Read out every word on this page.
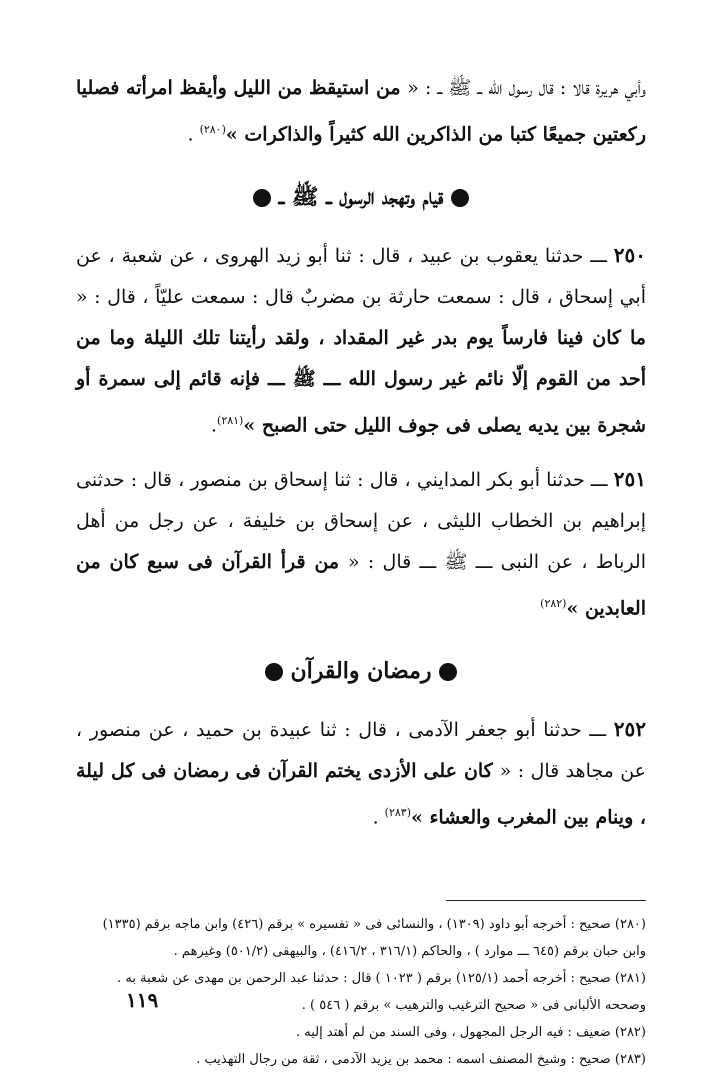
وأبي هريرة قالا : قال رسول الله ــ ﷺ ــ : « من استيقظ من الليل وأيقظ امرأته فصليا ركعتين جميعًا كتبا من الذاكرين الله كثيراً والذاكرات »$^{(٢٨٠)}$ .

قيام وتهجد الرسول ــ ﷺ ــ

٢٥٠ ـــ حدثنا يعقوب بن عبيد ، قال : ثنا أبو زيد الهروى ، عن شعبة ، عن أبي إسحاق ، قال : سمعت حارثة بن مضربٌ قال : سمعت عليّاً ، قال : « ما كان فينا فارساً يوم بدر غير المقداد ، ولقد رأيتنا تلك الليلة وما من أحد من القوم إلّا نائم غير رسول الله ـــ ﷺ ـــ فإنه قائم إلى سمرة أو شجرة بين يديه يصلى فى جوف الليل حتى الصبح »$^{(٢٨١)}$.

٢٥١ ـــ حدثنا أبو بكر المدايني ، قال : ثنا إسحاق بن منصور ، قال : حدثنى إبراهيم بن الخطاب الليثى ، عن إسحاق بن خليفة ، عن رجل من أهل الرباط ، عن النبى ـــ ﷺ ـــ قال : « من قرأ القرآن فى سبع كان من العابدين »$^{(٢٨٢)}$

رمضان والقرآن

٢٥٢ ـــ حدثنا أبو جعفر الآدمى ، قال : ثنا عبيدة بن حميد ، عن منصور ، عن مجاهد قال : « كان على الأزدى يختم القرآن فى رمضان فى كل ليلة ، وينام بين المغرب والعشاء »$^{(٢٨٣)}$ .

(٢٨٠) صحيح : أخرجه أبو داود (١٣٠٩) ، والنسائى فى « تفسيره » برقم (٤٢٦) وابن ماجه برقم (١٣٣٥) وابن حبان برقم (٦٤٥ ـــ موارد ) ، والحاكم (٣١٦/١ ، ٤١٦/٢) ، والبيهقى (٥٠١/٢) وغيرهم .

(٢٨١) صحيح : أخرجه أحمد (١٢٥/١) برقم ( ١٠٢٣ ) قال : حدثنا عبد الرحمن بن مهدى عن شعبة به .

وصححه الألبانى فى « صحيح الترغيب والترهيب » برقم ( ٥٤٦ ) .

(٢٨٢) ضعيف : فيه الرجل المجهول ، وفى السند من لم أهتد إليه .

(٢٨٣) صحيح : وشيخ المصنف اسمه : محمد بن يزيد الآدمى ، ثقة من رجال التهذيب .

١١٩
